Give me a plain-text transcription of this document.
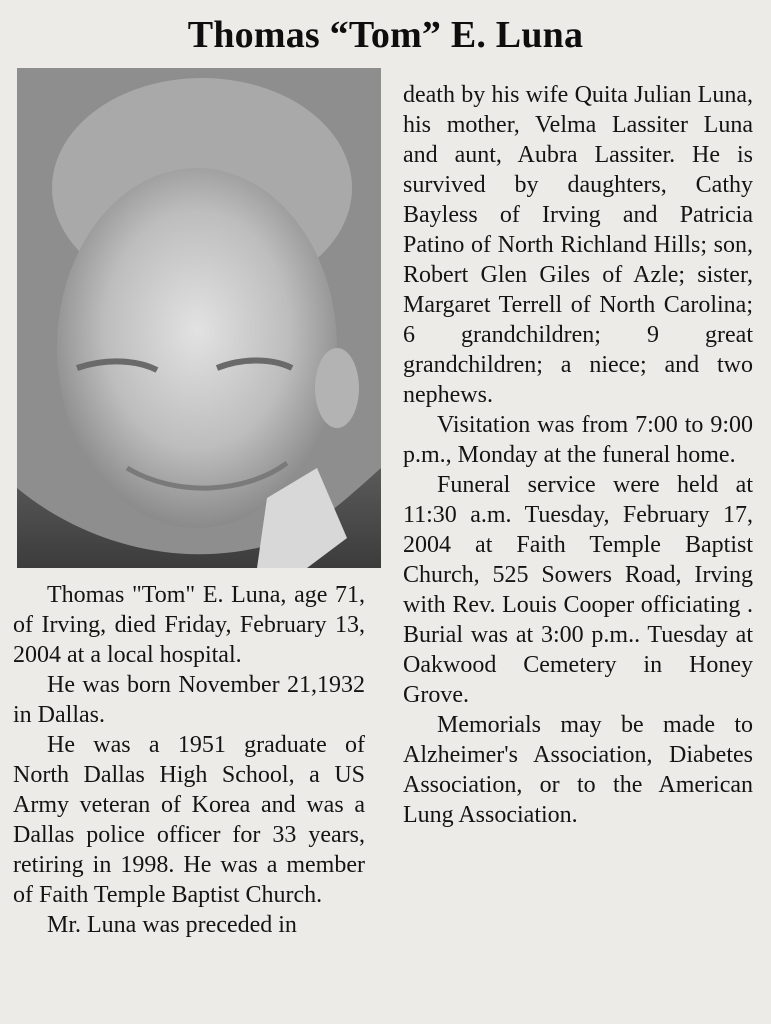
Thomas “Tom” E. Luna

Thomas "Tom" E. Luna, age 71, of Irving, died Friday, February 13, 2004 at a local hospital.

He was born November 21,1932 in Dallas.

He was a 1951 graduate of North Dallas High School, a US Army veteran of Korea and was a Dallas police officer for 33 years, retiring in 1998. He was a member of Faith Temple Baptist Church.

Mr. Luna was preceded in

death by his wife Quita Julian Luna, his mother, Velma Lassiter Luna and aunt, Aubra Lassiter. He is survived by daughters, Cathy Bayless of Irving and Patricia Patino of North Richland Hills; son, Robert Glen Giles of Azle; sister, Margaret Terrell of North Carolina; 6 grandchildren; 9 great grandchildren; a niece; and two nephews.

Visitation was from 7:00 to 9:00 p.m., Monday at the funeral home.

Funeral service were held at 11:30 a.m. Tuesday, February 17, 2004 at Faith Temple Baptist Church, 525 Sowers Road, Irving with Rev. Louis Cooper officiating . Burial was at 3:00 p.m.. Tuesday at Oakwood Cemetery in Honey Grove.

Memorials may be made to Alzheimer's Association, Diabetes Association, or to the American Lung Association.
